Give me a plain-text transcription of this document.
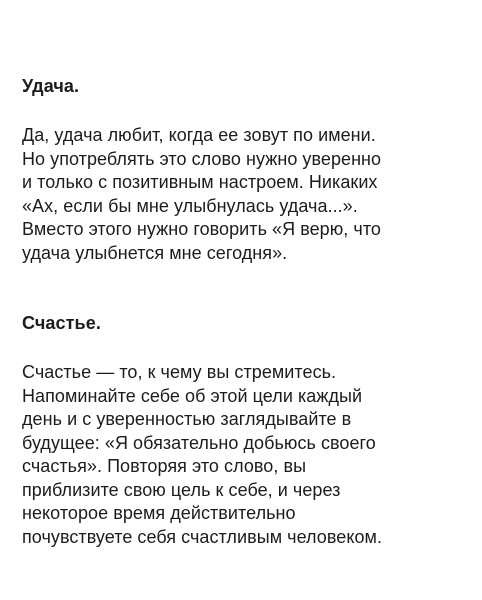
Удача.
Да, удача любит, когда ее зовут по имени.
Но употреблять это слово нужно уверенно
и только с позитивным настроем. Никаких
«Ах, если бы мне улыбнулась удача...».
Вместо этого нужно говорить «Я верю, что
удача улыбнется мне сегодня».
Счастье.
Счастье — то, к чему вы стремитесь.
Напоминайте себе об этой цели каждый
день и с уверенностью заглядывайте в
будущее: «Я обязательно добьюсь своего
счастья». Повторяя это слово, вы
приблизите свою цель к себе, и через
некоторое время действительно
почувствуете себя счастливым человеком.
